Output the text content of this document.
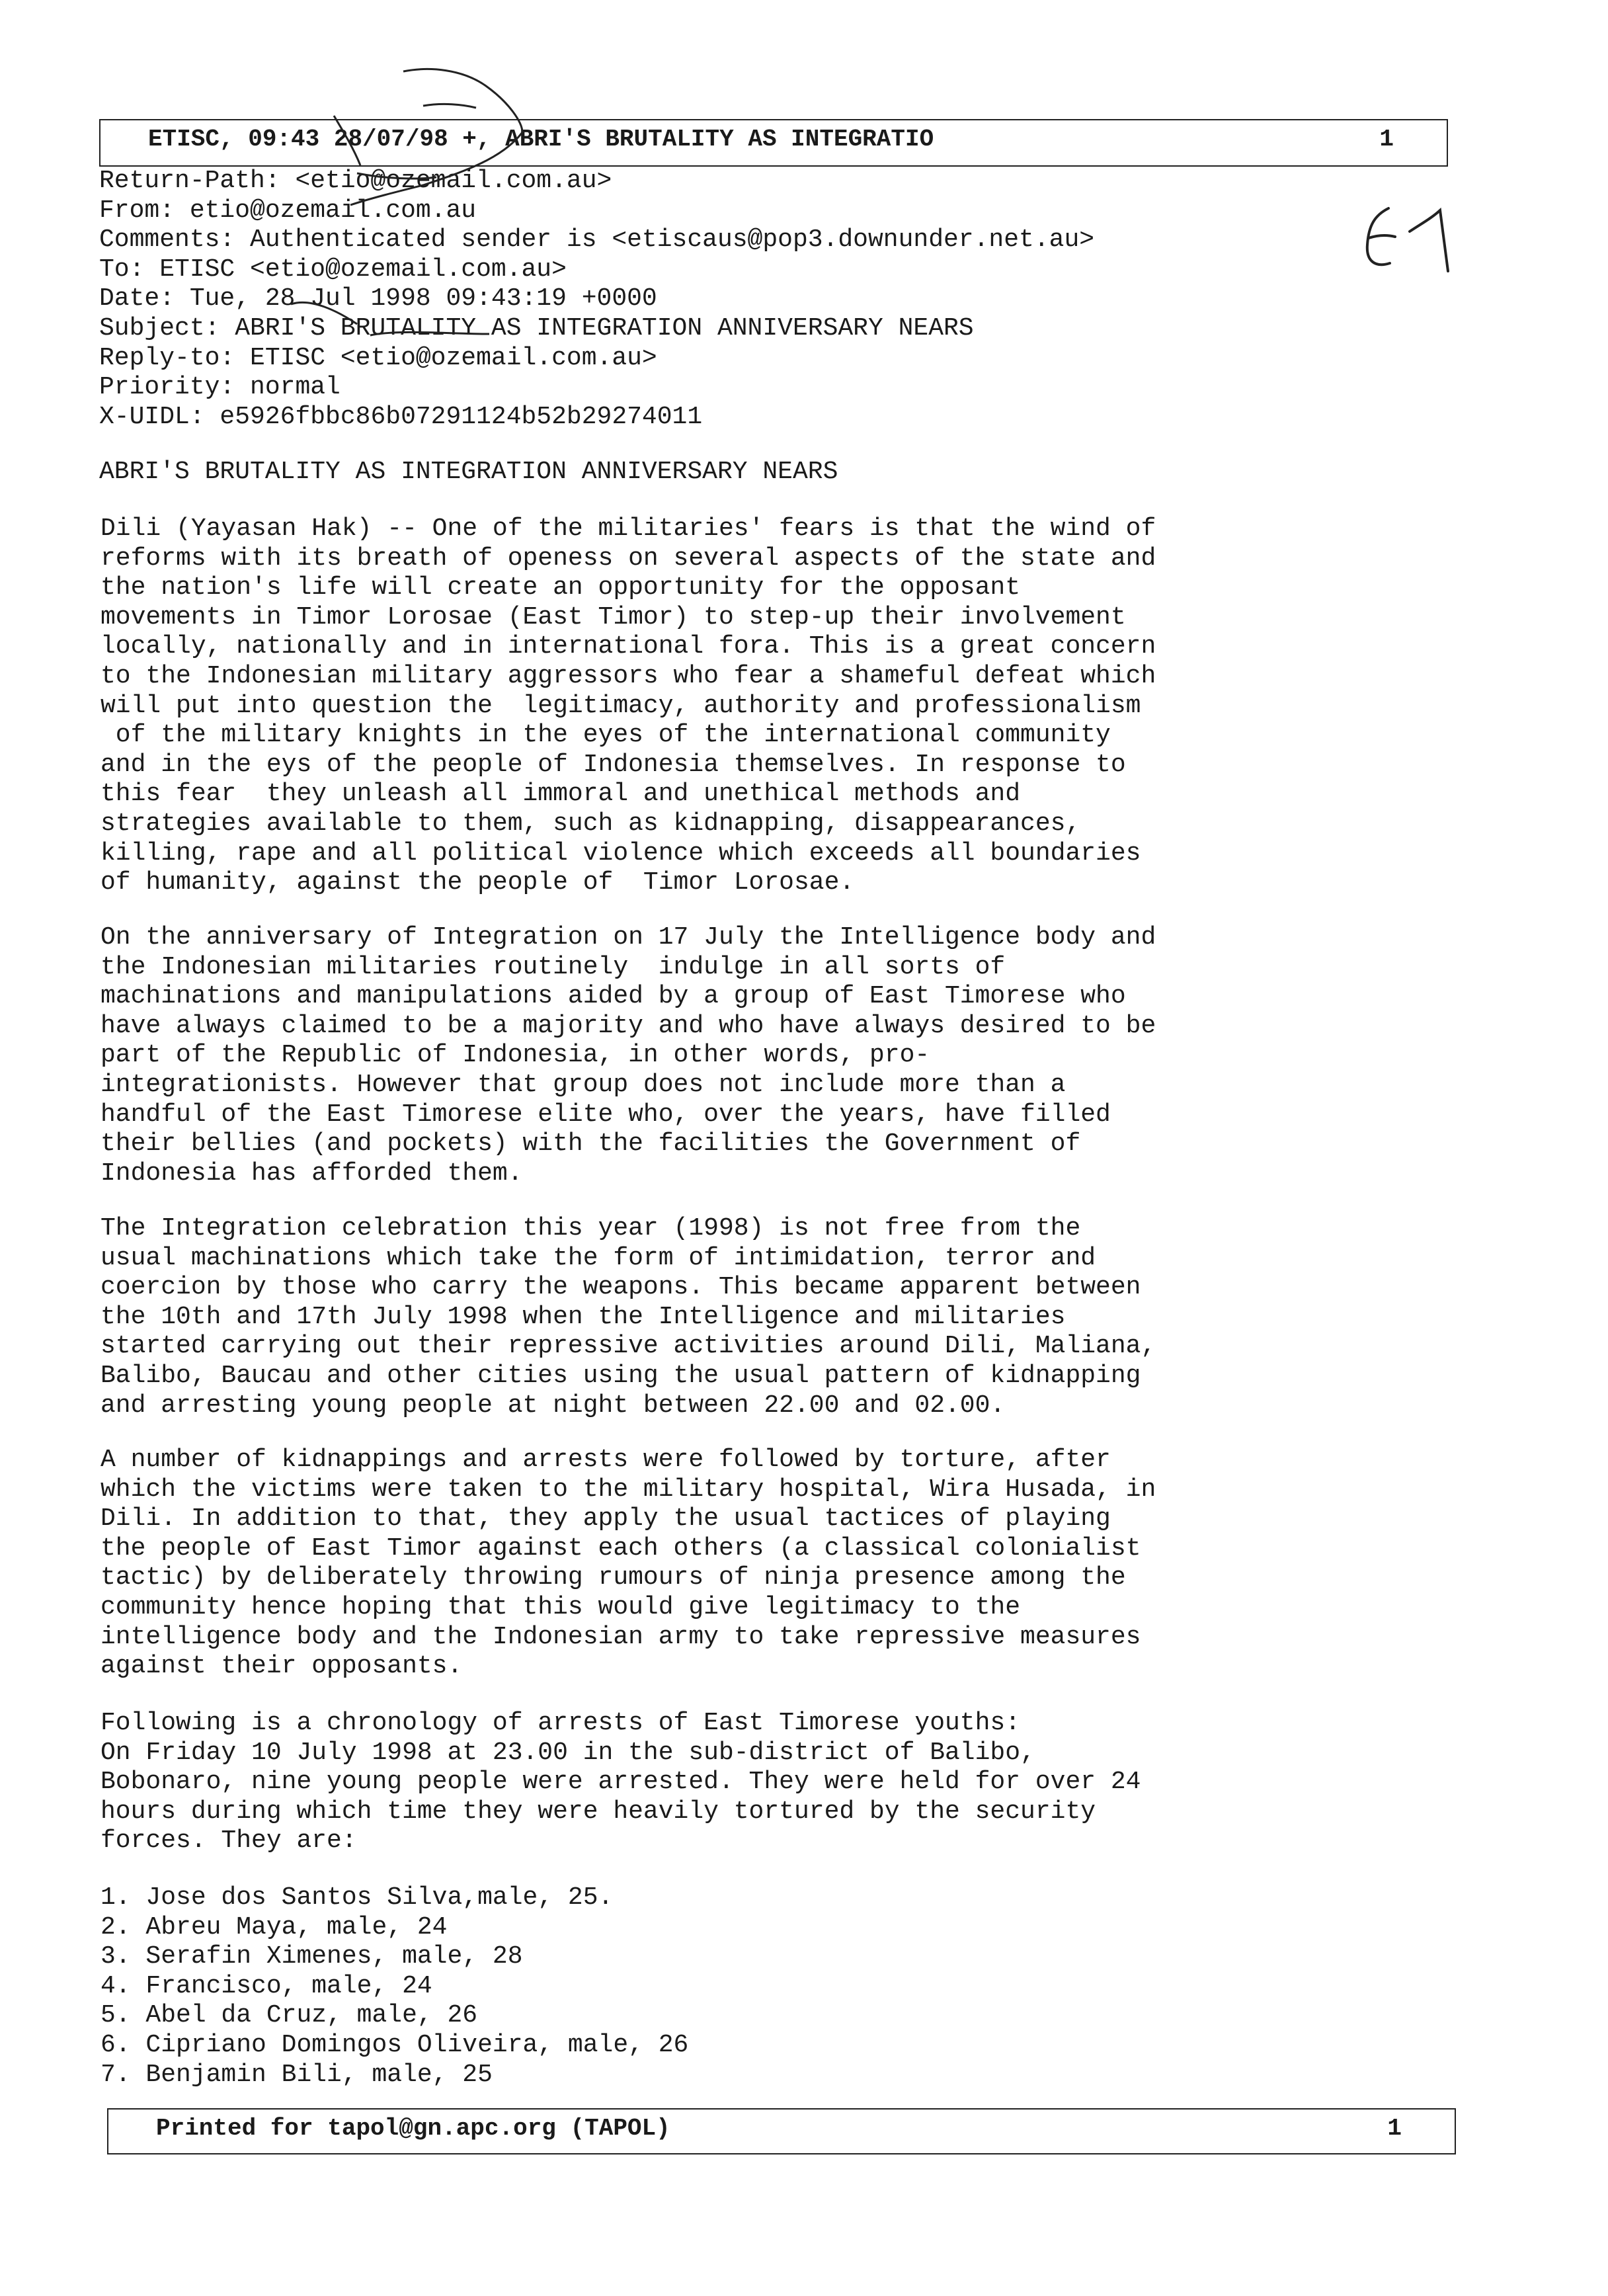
ETISC, 09:43 28/07/98 +, ABRI'S BRUTALITY AS INTEGRATIO	1
Return-Path: <etio@ozemail.com.au>
From: etio@ozemail.com.au
Comments: Authenticated sender is <etiscaus@pop3.downunder.net.au>
To: ETISC <etio@ozemail.com.au>
Date: Tue, 28 Jul 1998 09:43:19 +0000
Subject: ABRI'S BRUTALITY AS INTEGRATION ANNIVERSARY NEARS
Reply-to: ETISC <etio@ozemail.com.au>
Priority: normal
X-UIDL: e5926fbbc86b07291124b52b29274011
ABRI'S BRUTALITY AS INTEGRATION ANNIVERSARY NEARS
Dili (Yayasan Hak) -- One of the militaries' fears is that the wind of
reforms with its breath of openess on several aspects of the state and
the nation's life will create an opportunity for the opposant
movements in Timor Lorosae (East Timor) to step-up their involvement
locally, nationally and in international fora. This is a great concern
to the Indonesian military aggressors who fear a shameful defeat which
will put into question the  legitimacy, authority and professionalism
of the military knights in the eyes of the international community
and in the eys of the people of Indonesia themselves. In response to
this fear  they unleash all immoral and unethical methods and
strategies available to them, such as kidnapping, disappearances,
killing, rape and all political violence which exceeds all boundaries
of humanity, against the people of  Timor Lorosae.
On the anniversary of Integration on 17 July the Intelligence body and
the Indonesian militaries routinely  indulge in all sorts of
machinations and manipulations aided by a group of East Timorese who
have always claimed to be a majority and who have always desired to be
part of the Republic of Indonesia, in other words, pro-
integrationists. However that group does not include more than a
handful of the East Timorese elite who, over the years, have filled
their bellies (and pockets) with the facilities the Government of
Indonesia has afforded them.
The Integration celebration this year (1998) is not free from the
usual machinations which take the form of intimidation, terror and
coercion by those who carry the weapons. This became apparent between
the 10th and 17th July 1998 when the Intelligence and militaries
started carrying out their repressive activities around Dili, Maliana,
Balibo, Baucau and other cities using the usual pattern of kidnapping
and arresting young people at night between 22.00 and 02.00.
A number of kidnappings and arrests were followed by torture, after
which the victims were taken to the military hospital, Wira Husada, in
Dili. In addition to that, they apply the usual tactices of playing
the people of East Timor against each others (a classical colonialist
tactic) by deliberately throwing rumours of ninja presence among the
community hence hoping that this would give legitimacy to the
intelligence body and the Indonesian army to take repressive measures
against their opposants.
Following is a chronology of arrests of East Timorese youths:
On Friday 10 July 1998 at 23.00 in the sub-district of Balibo,
Bobonaro, nine young people were arrested. They were held for over 24
hours during which time they were heavily tortured by the security
forces. They are:
1. Jose dos Santos Silva,male, 25.
2. Abreu Maya, male, 24
3. Serafin Ximenes, male, 28
4. Francisco, male, 24
5. Abel da Cruz, male, 26
6. Cipriano Domingos Oliveira, male, 26
7. Benjamin Bili, male, 25
Printed for tapol@gn.apc.org (TAPOL)	1
